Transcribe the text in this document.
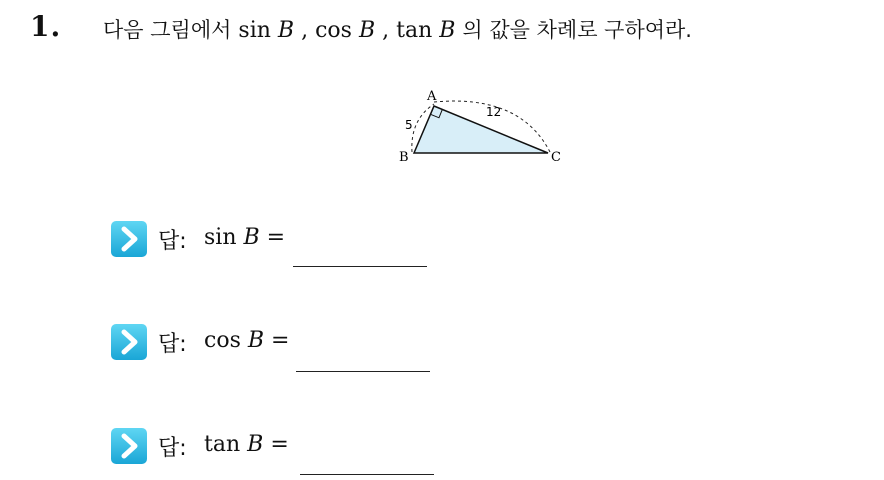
1. 다음 그림에서 sin B , cos B , tan B 의 값을 차례로 구하여라.
A
B	C
5
12
답: sin B =
답: cos B =
답: tan B =
